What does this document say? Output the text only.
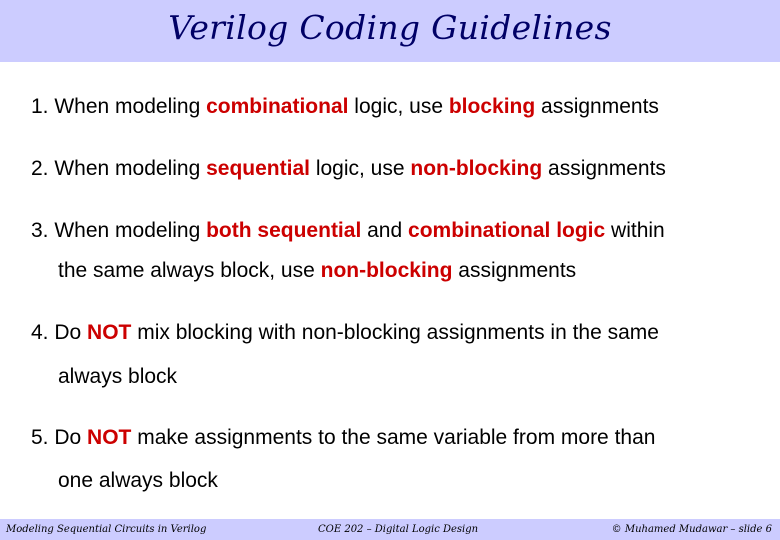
Verilog Coding Guidelines
1. When modeling combinational logic, use blocking assignments
2. When modeling sequential logic, use non-blocking assignments
3. When modeling both sequential and combinational logic within
the same always block, use non-blocking assignments
4. Do NOT mix blocking with non-blocking assignments in the same
always block
5. Do NOT make assignments to the same variable from more than
one always block
Modeling Sequential Circuits in Verilog	COE 202 – Digital Logic Design	© Muhamed Mudawar – slide 6
